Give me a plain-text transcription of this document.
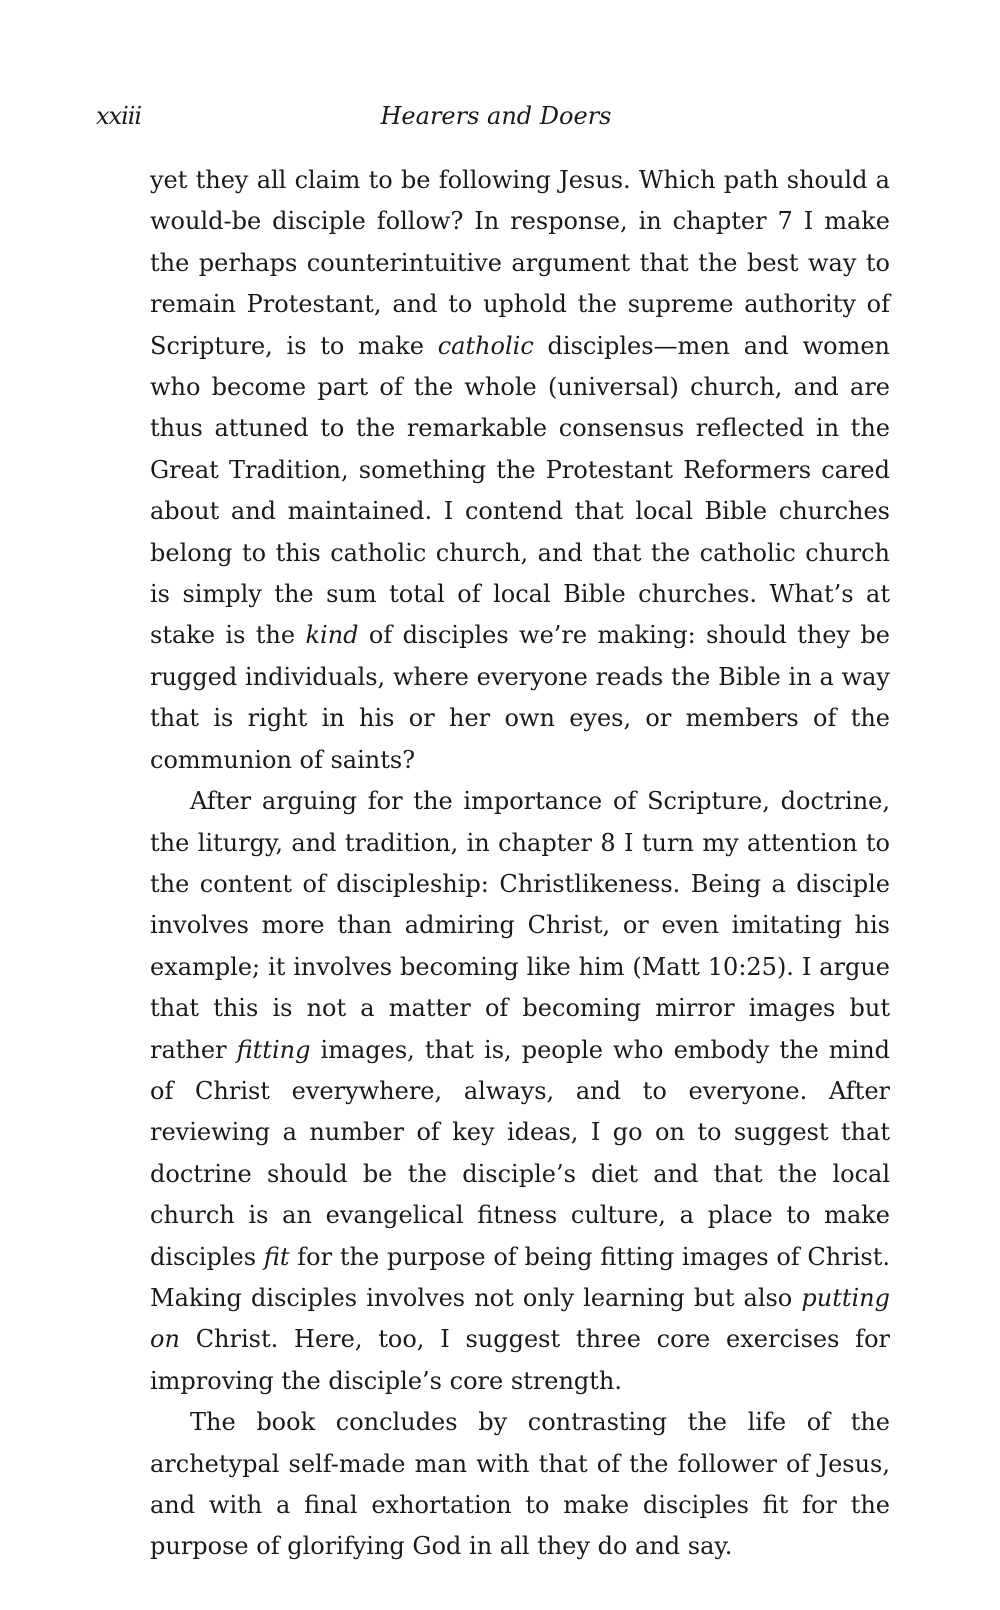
xxiii	Hearers and Doers

yet they all claim to be following Jesus. Which path should a would-be disciple follow? In response, in chapter 7 I make the perhaps counterintuitive argument that the best way to remain Protestant, and to uphold the supreme authority of Scripture, is to make catholic disciples—men and women who become part of the whole (universal) church, and are thus attuned to the remarkable consensus reflected in the Great Tradition, something the Protestant Reformers cared about and maintained. I contend that local Bible churches belong to this catholic church, and that the catholic church is simply the sum total of local Bible churches. What’s at stake is the kind of disciples we’re making: should they be rugged individuals, where everyone reads the Bible in a way that is right in his or her own eyes, or members of the communion of saints?

After arguing for the importance of Scripture, doctrine, the liturgy, and tradition, in chapter 8 I turn my attention to the content of discipleship: Christlikeness. Being a disciple involves more than admiring Christ, or even imitating his example; it involves becoming like him (Matt 10:25). I argue that this is not a matter of becoming mirror images but rather fitting images, that is, people who embody the mind of Christ everywhere, always, and to everyone. After reviewing a number of key ideas, I go on to suggest that doctrine should be the disciple’s diet and that the local church is an evangelical fitness culture, a place to make disciples fit for the purpose of being fitting images of Christ. Making disciples involves not only learning but also putting on Christ. Here, too, I suggest three core exercises for improving the disciple’s core strength.

The book concludes by contrasting the life of the archetypal self-made man with that of the follower of Jesus, and with a final exhortation to make disciples fit for the purpose of glorifying God in all they do and say.
